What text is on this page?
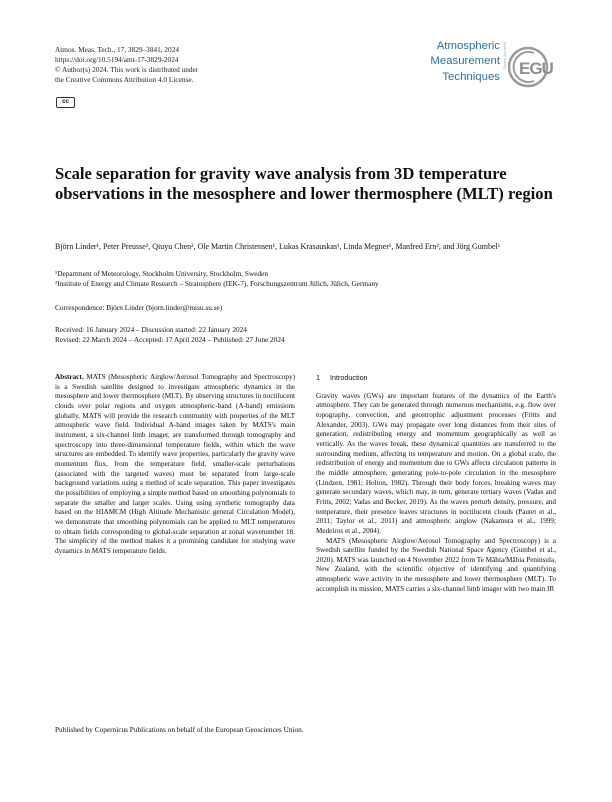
Atmos. Meas. Tech., 17, 3829–3841, 2024
https://doi.org/10.5194/amt-17-3829-2024
© Author(s) 2024. This work is distributed under
the Creative Commons Attribution 4.0 License.
cc
Atmospheric
Measurement
Techniques
Open Access EGU
Scale separation for gravity wave analysis from 3D temperature observations in the mesosphere and lower thermosphere (MLT) region
Björn Linder¹, Peter Preusse², Qiuyu Chen², Ole Martin Christensen¹, Lukas Krasauskas¹, Linda Megner¹, Manfred Ern², and Jörg Gumbel¹
¹Department of Meteorology, Stockholm University, Stockholm, Sweden
²Institute of Energy and Climate Research – Stratosphere (IEK-7), Forschungszentrum Jülich, Jülich, Germany
Correspondence: Björn Linder (bjorn.linder@misu.su.se)
Received: 16 January 2024 – Discussion started: 22 January 2024
Revised: 22 March 2024 – Accepted: 17 April 2024 – Published: 27 June 2024

Abstract. MATS (Mesospheric Airglow/Aerosol Tomography and Spectroscopy) is a Swedish satellite designed to investigate atmospheric dynamics in the mesosphere and lower thermosphere (MLT). By observing structures in noctilucent clouds over polar regions and oxygen atmospheric-band (A-band) emissions globally, MATS will provide the research community with properties of the MLT atmospheric wave field. Individual A-band images taken by MATS's main instrument, a six-channel limb imager, are transformed through tomography and spectroscopy into three-dimensional temperature fields, within which the wave structures are embedded. To identify wave properties, particularly the gravity wave momentum flux, from the temperature field, smaller-scale perturbations (associated with the targeted waves) must be separated from large-scale background variations using a method of scale separation. This paper investigates the possibilities of employing a simple method based on smoothing polynomials to separate the smaller and larger scales. Using using synthetic tomography data based on the HIAMCM (High Altitude Mechanistic general Circulation Model), we demonstrate that smoothing polynomials can be applied to MLT temperatures to obtain fields corresponding to global-scale separation at zonal wavenumber 18. The simplicity of the method makes it a promising candidate for studying wave dynamics in MATS temperature fields.

1 Introduction

Gravity waves (GWs) are important features of the dynamics of the Earth's atmosphere. They can be generated through numerous mechanisms, e.g. flow over topography, convection, and geostrophic adjustment processes (Fritts and Alexander, 2003). GWs may propagate over long distances from their sites of generation, redistributing energy and momentum geographically as well as vertically. As the waves break, these dynamical quantities are transferred to the surrounding medium, affecting its temperature and motion. On a global scale, the redistribution of energy and momentum due to GWs affects circulation patterns in the middle atmosphere, generating pole-to-pole circulation in the mesosphere (Lindzen, 1981; Holton, 1982). Through their body forces, breaking waves may generate secondary waves, which may, in turn, generate tertiary waves (Vadas and Fritts, 2002; Vadas and Becker, 2019). As the waves perturb density, pressure, and temperature, their presence leaves structures in noctilucent clouds (Pautet et al., 2011; Taylor et al., 2011) and atmospheric airglow (Nakamura et al., 1999; Medeiros et al., 2004).

MATS (Mesospheric Airglow/Aerosol Tomography and Spectroscopy) is a Swedish satellite funded by the Swedish National Space Agency (Gumbel et al., 2020). MATS was launched on 4 November 2022 from Te Māhia/Māhia Peninsula, New Zealand, with the scientific objective of identifying and quantifying atmospheric wave activity in the mesosphere and lower thermosphere (MLT). To accomplish its mission, MATS carries a six-channel limb imager with two main IR

Published by Copernicus Publications on behalf of the European Geosciences Union.
